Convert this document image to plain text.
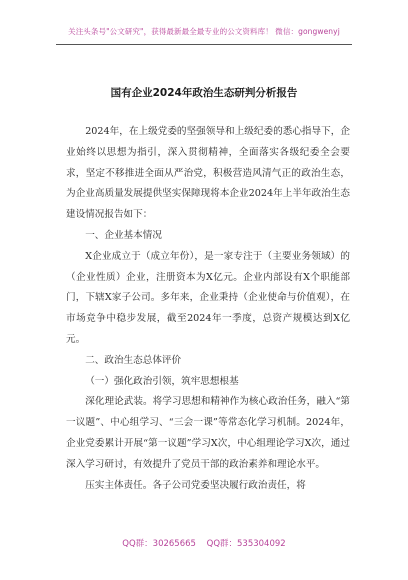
关注头条号"公文研究"，获得最新最全最专业的公文资料库！ 微信：gongwenyj
国有企业2024年政治生态研判分析报告

2024年，在上级党委的坚强领导和上级纪委的悉心指导下，企业始终以思想为指引，深入贯彻精神，全面落实各级纪委全会要求，坚定不移推进全面从严治党，积极营造风清气正的政治生态，为企业高质量发展提供坚实保障现将本企业2024年上半年政治生态建设情况报告如下：

一、企业基本情况

X企业成立于（成立年份），是一家专注于（主要业务领域）的（企业性质）企业，注册资本为X亿元。企业内部设有X个职能部门，下辖X家子公司。多年来，企业秉持（企业使命与价值观），在市场竞争中稳步发展，截至2024年一季度，总资产规模达到X亿元。

二、政治生态总体评价

（一）强化政治引领，筑牢思想根基

深化理论武装。将学习思想和精神作为核心政治任务，融入“第一议题”、中心组学习、“三会一课”等常态化学习机制。2024年，企业党委累计开展“第一议题”学习X次，中心组理论学习X次，通过深入学习研讨，有效提升了党员干部的政治素养和理论水平。

压实主体责任。各子公司党委坚决履行政治责任，将

QQ群：30265665 QQ群：535304092
